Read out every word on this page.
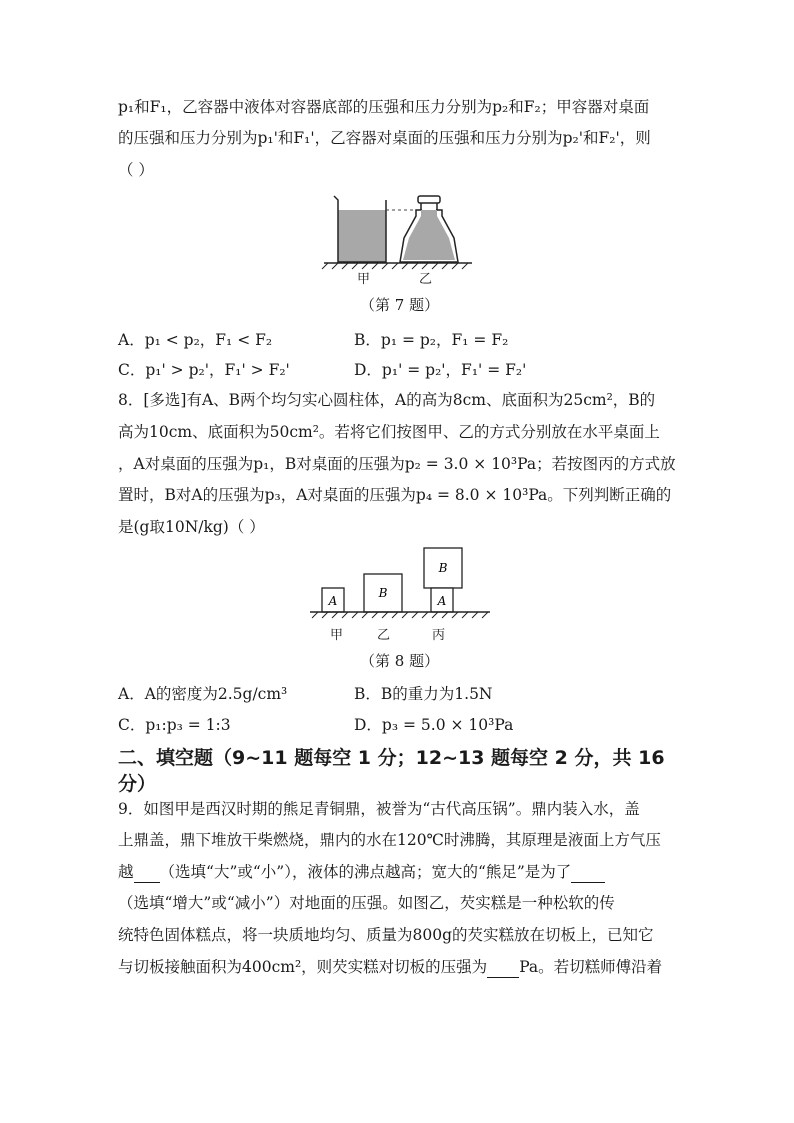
p₁和F₁，乙容器中液体对容器底部的压强和压力分别为p₂和F₂；甲容器对桌面
的压强和压力分别为p₁'和F₁'，乙容器对桌面的压强和压力分别为p₂'和F₂'，则
（ ）
甲	乙
（第 7 题）
A．p₁ < p₂，F₁ < F₂	B．p₁ = p₂，F₁ = F₂
C．p₁' > p₂'，F₁' > F₂'	D．p₁' = p₂'，F₁' = F₂'
8．[多选]有A、B两个均匀实心圆柱体，A的高为8cm、底面积为25cm²，B的
高为10cm、底面积为50cm²。若将它们按图甲、乙的方式分别放在水平桌面上
，A对桌面的压强为p₁，B对桌面的压强为p₂ = 3.0 × 10³Pa；若按图丙的方式放
置时，B对A的压强为p₃，A对桌面的压强为p₄ = 8.0 × 10³Pa。下列判断正确的
是(g取10N/kg)（ ）
A
B
B
A
甲	乙	丙
（第 8 题）
A．A的密度为2.5g/cm³	B．B的重力为1.5N
C．p₁:p₃ = 1:3	D．p₃ = 5.0 × 10³Pa
二、填空题（9~11 题每空 1 分；12~13 题每空 2 分，共 16
分）
9．如图甲是西汉时期的熊足青铜鼎，被誉为“古代高压锅”。鼎内装入水，盖
上鼎盖，鼎下堆放干柴燃烧，鼎内的水在120℃时沸腾，其原理是液面上方气压
越 （选填“大”或“小”），液体的沸点越高；宽大的“熊足”是为了
（选填“增大”或“减小”）对地面的压强。如图乙，芡实糕是一种松软的传
统特色固体糕点，将一块质地均匀、质量为800g的芡实糕放在切板上，已知它
与切板接触面积为400cm²，则芡实糕对切板的压强为 Pa。若切糕师傅沿着
